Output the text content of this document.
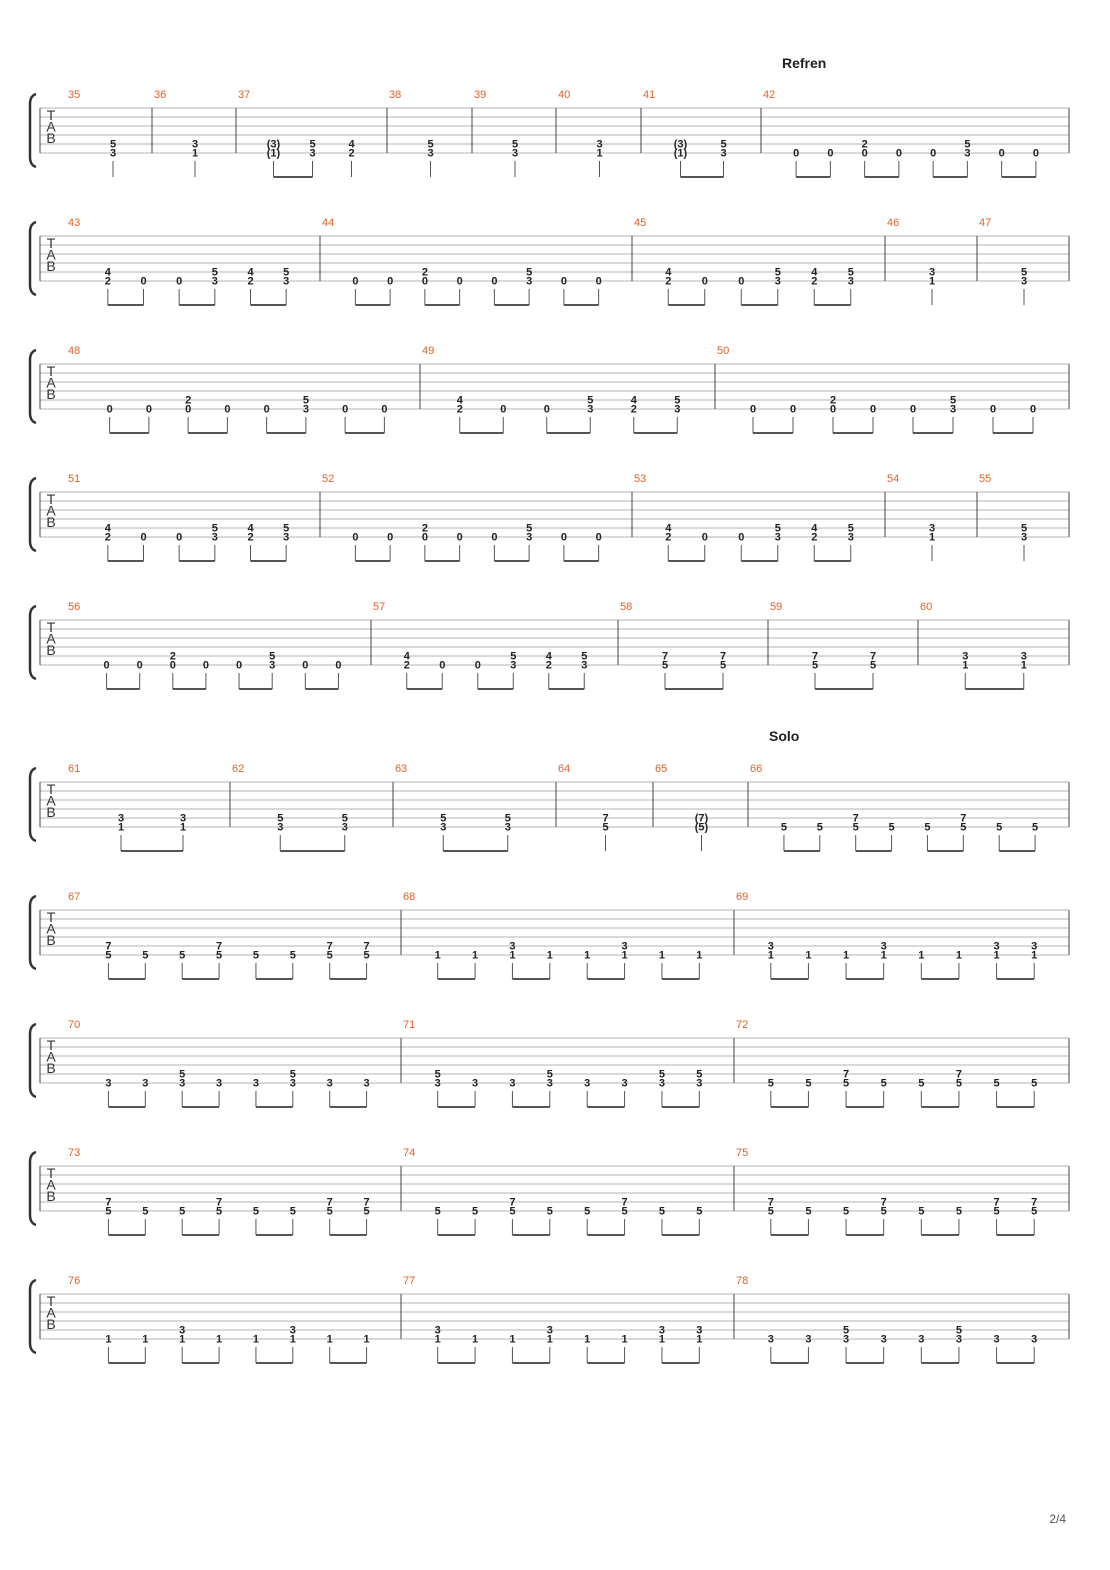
Refren
Solo
T
A
B
35
5
3
36
3
1
37
(3)
(1)
5
3
4
2
38
5
3
39
5
3
40
3
1
41
(3)
(1)
5
3
42
0	0
2
0	0	0
5
3	0	0
T
A
B
43
4
2	0	0
5
3
4
2
5
3
44
0	0
2
0	0	0
5
3	0	0
45
4
2	0	0
5
3
4
2
5
3
46
3
1
47
5
3
T
A
B
48
0	0
2
0	0	0
5
3	0	0
49
4
2	0	0
5
3
4
2
5
3
50
0	0
2
0	0	0
5
3	0	0
T
A
B
51
4
2	0	0
5
3
4
2
5
3
52
0	0
2
0	0	0
5
3	0	0
53
4
2	0	0
5
3
4
2
5
3
54
3
1
55
5
3
T
A
B
56
0 0
2
0 0 0
5
3 0 0
57
4
2	0	0
5
3
4
2
5
3
58
7
5
7
5
59
7
5
7
5
60
3
1
3
1
T
A
B
61
3
1
3
1
62
5
3
5
3
63
5
3
5
3
64
7
5
65
(7)
(5)
66
5	5
7
5	5	5
7
5	5	5
T
A
B
67
7
5	5	5
7
5	5	5
7
5
7
5
68
1	1
3
1	1	1
3
1	1	1
69
3
1	1	1
3
1	1	1
3
1
3
1
T
A
B
70
3	3
5
3	3	3
5
3	3	3
71
5
3	3	3
5
3	3	3
5
3
5
3
72
5	5
7
5	5	5
7
5	5	5
T
A
B
73
7
5	5	5
7
5	5	5
7
5
7
5
74
5	5
7
5	5	5
7
5	5	5
75
7
5	5	5
7
5	5	5
7
5
7
5
T
A
B
76
1	1
3
1	1	1
3
1	1	1
77
3
1	1	1
3
1	1	1
3
1
3
1
78
3	3
5
3	3	3
5
3	3	3
2/4
